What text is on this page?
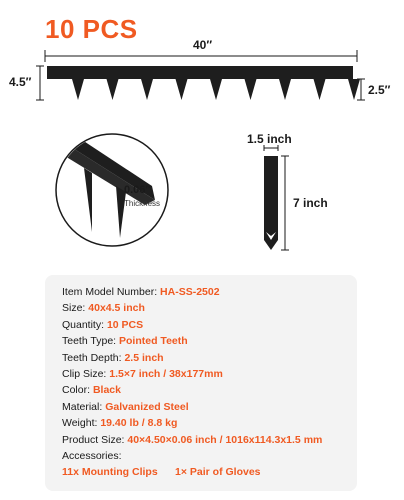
10 PCS
40′′
4.5′′
2.5′′
1.5 inch
7 inch
0.06′′
Thickness
Item Model Number: HA-SS-2502
Size: 40x4.5 inch
Quantity: 10 PCS
Teeth Type: Pointed Teeth
Teeth Depth: 2.5 inch
Clip Size: 1.5×7 inch / 38x177mm
Color: Black
Material: Galvanized Steel
Weight: 19.40 lb / 8.8 kg
Product Size: 40×4.50×0.06 inch / 1016x114.3x1.5 mm
Accessories:
11x Mounting Clips 1× Pair of Gloves
